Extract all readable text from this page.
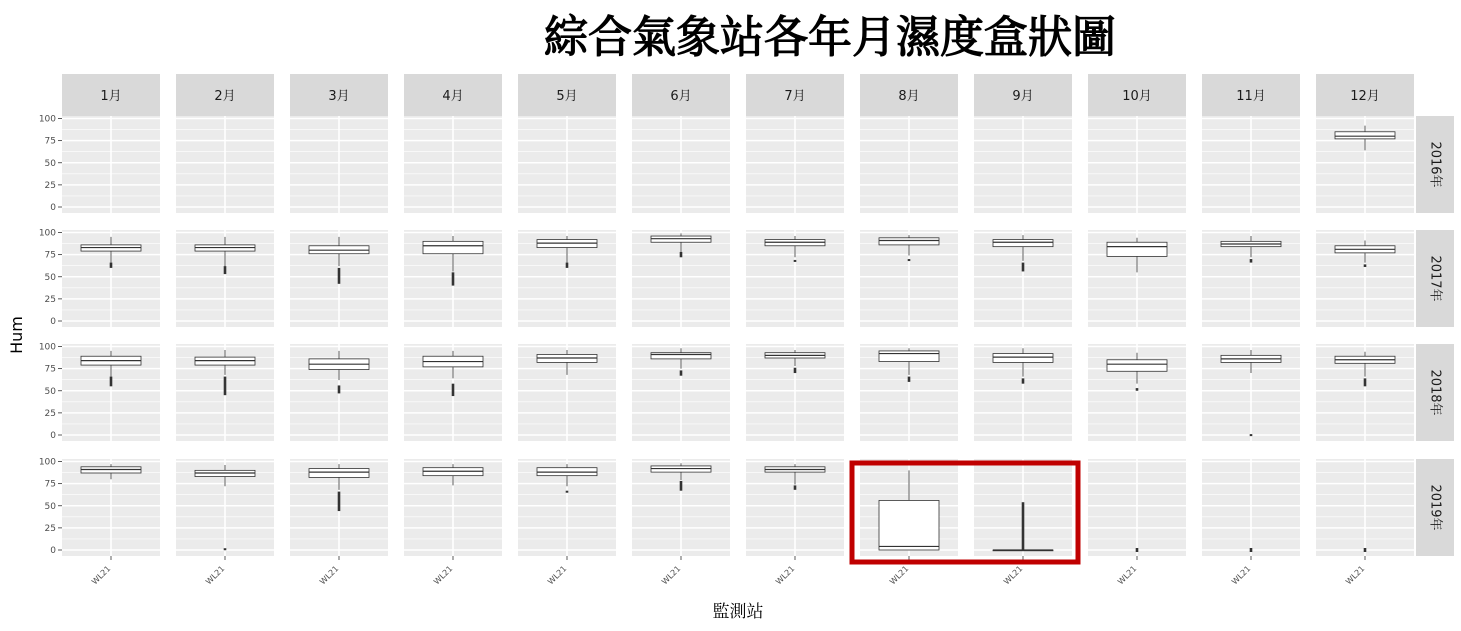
綜合氣象站各年月濕度盒狀圖
1月	2月	3月	4月	5月	6月	7月	8月	9月	10月	11月	12月
2016年
2017年
2018年
2019年
0
25
50
75
100
0
25
50
75
100
0
25
50
75
100
0
25
50
75
100
WL21	WL21	WL21	WL21	WL21	WL21	WL21	WL21	WL21	WL21	WL21	WL21
Hum
監測站
